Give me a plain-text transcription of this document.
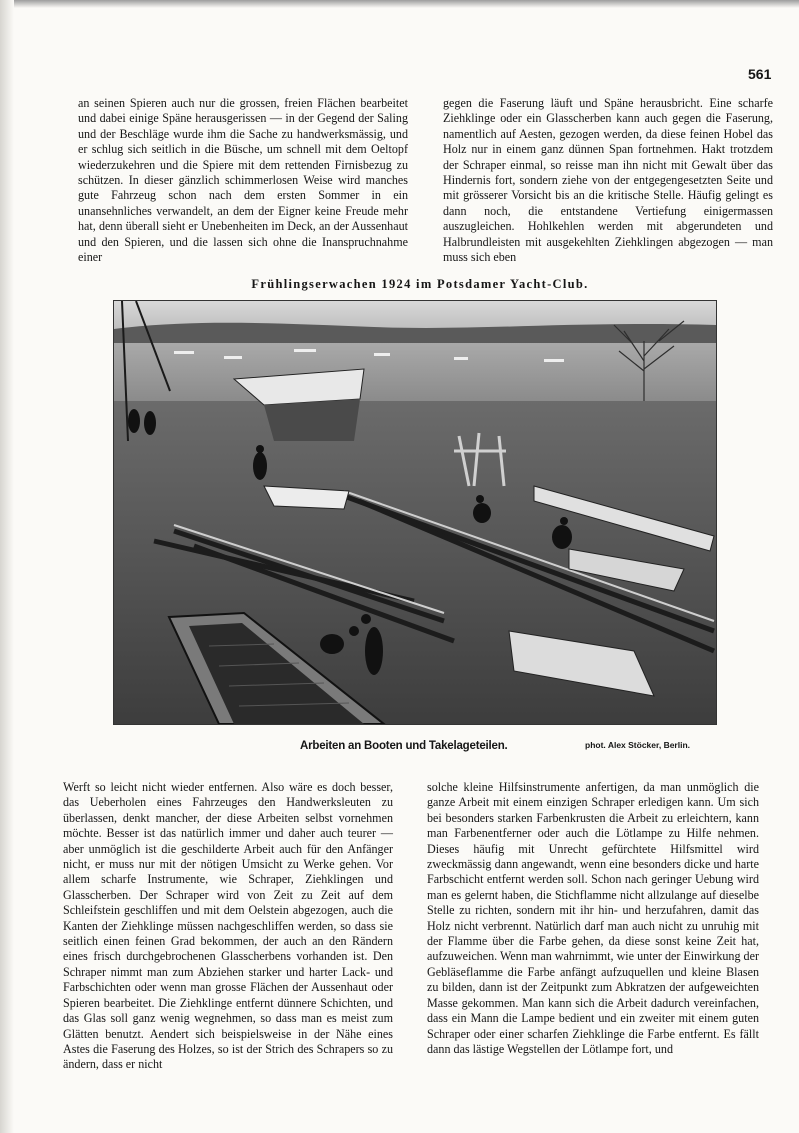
561

an seinen Spieren auch nur die grossen, freien Flächen bearbeitet und dabei einige Späne herausgerissen — in der Gegend der Saling und der Beschläge wurde ihm die Sache zu handwerksmässig, und er schlug sich seitlich in die Büsche, um schnell mit dem Oeltopf wiederzukehren und die Spiere mit dem rettenden Firnisbezug zu schützen. In dieser gänzlich schimmerlosen Weise wird manches gute Fahrzeug schon nach dem ersten Sommer in ein unansehnliches verwandelt, an dem der Eigner keine Freude mehr hat, denn überall sieht er Unebenheiten im Deck, an der Aussenhaut und den Spieren, und die lassen sich ohne die Inanspruchnahme einer

gegen die Faserung läuft und Späne herausbricht. Eine scharfe Ziehklinge oder ein Glasscherben kann auch gegen die Faserung, namentlich auf Aesten, gezogen werden, da diese feinen Hobel das Holz nur in einem ganz dünnen Span fortnehmen. Hakt trotzdem der Schraper einmal, so reisse man ihn nicht mit Gewalt über das Hindernis fort, sondern ziehe von der entgegengesetzten Seite und mit grösserer Vorsicht bis an die kritische Stelle. Häufig gelingt es dann noch, die entstandene Vertiefung einigermassen auszugleichen. Hohlkehlen werden mit abgerundeten und Halbrundleisten mit ausgekehlten Ziehklingen abgezogen — man muss sich eben

Frühlingserwachen 1924 im Potsdamer Yacht-Club.
Arbeiten an Booten und Takelageteilen.	phot. Alex Stöcker, Berlin.

Werft so leicht nicht wieder entfernen. Also wäre es doch besser, das Ueberholen eines Fahrzeuges den Handwerksleuten zu überlassen, denkt mancher, der diese Arbeiten selbst vornehmen möchte. Besser ist das natürlich immer und daher auch teurer — aber unmöglich ist die geschilderte Arbeit auch für den Anfänger nicht, er muss nur mit der nötigen Umsicht zu Werke gehen. Vor allem scharfe Instrumente, wie Schraper, Ziehklingen und Glasscherben. Der Schraper wird von Zeit zu Zeit auf dem Schleifstein geschliffen und mit dem Oelstein abgezogen, auch die Kanten der Ziehklinge müssen nachgeschliffen werden, so dass sie seitlich einen feinen Grad bekommen, der auch an den Rändern eines frisch durchgebrochenen Glasscherbens vorhanden ist. Den Schraper nimmt man zum Abziehen starker und harter Lack- und Farbschichten oder wenn man grosse Flächen der Aussenhaut oder Spieren bearbeitet. Die Ziehklinge entfernt dünnere Schichten, und das Glas soll ganz wenig wegnehmen, so dass man es meist zum Glätten benutzt. Aendert sich beispielsweise in der Nähe eines Astes die Faserung des Holzes, so ist der Strich des Schrapers so zu ändern, dass er nicht

solche kleine Hilfsinstrumente anfertigen, da man unmöglich die ganze Arbeit mit einem einzigen Schraper erledigen kann. Um sich bei besonders starken Farbenkrusten die Arbeit zu erleichtern, kann man Farbenentferner oder auch die Lötlampe zu Hilfe nehmen. Dieses häufig mit Unrecht gefürchtete Hilfsmittel wird zweckmässig dann angewandt, wenn eine besonders dicke und harte Farbschicht entfernt werden soll. Schon nach geringer Uebung wird man es gelernt haben, die Stichflamme nicht allzulange auf dieselbe Stelle zu richten, sondern mit ihr hin- und herzufahren, damit das Holz nicht verbrennt. Natürlich darf man auch nicht zu unruhig mit der Flamme über die Farbe gehen, da diese sonst keine Zeit hat, aufzuweichen. Wenn man wahrnimmt, wie unter der Einwirkung der Gebläseflamme die Farbe anfängt aufzuquellen und kleine Blasen zu bilden, dann ist der Zeitpunkt zum Abkratzen der aufgeweichten Masse gekommen. Man kann sich die Arbeit dadurch vereinfachen, dass ein Mann die Lampe bedient und ein zweiter mit einem guten Schraper oder einer scharfen Ziehklinge die Farbe entfernt. Es fällt dann das lästige Wegstellen der Lötlampe fort, und
